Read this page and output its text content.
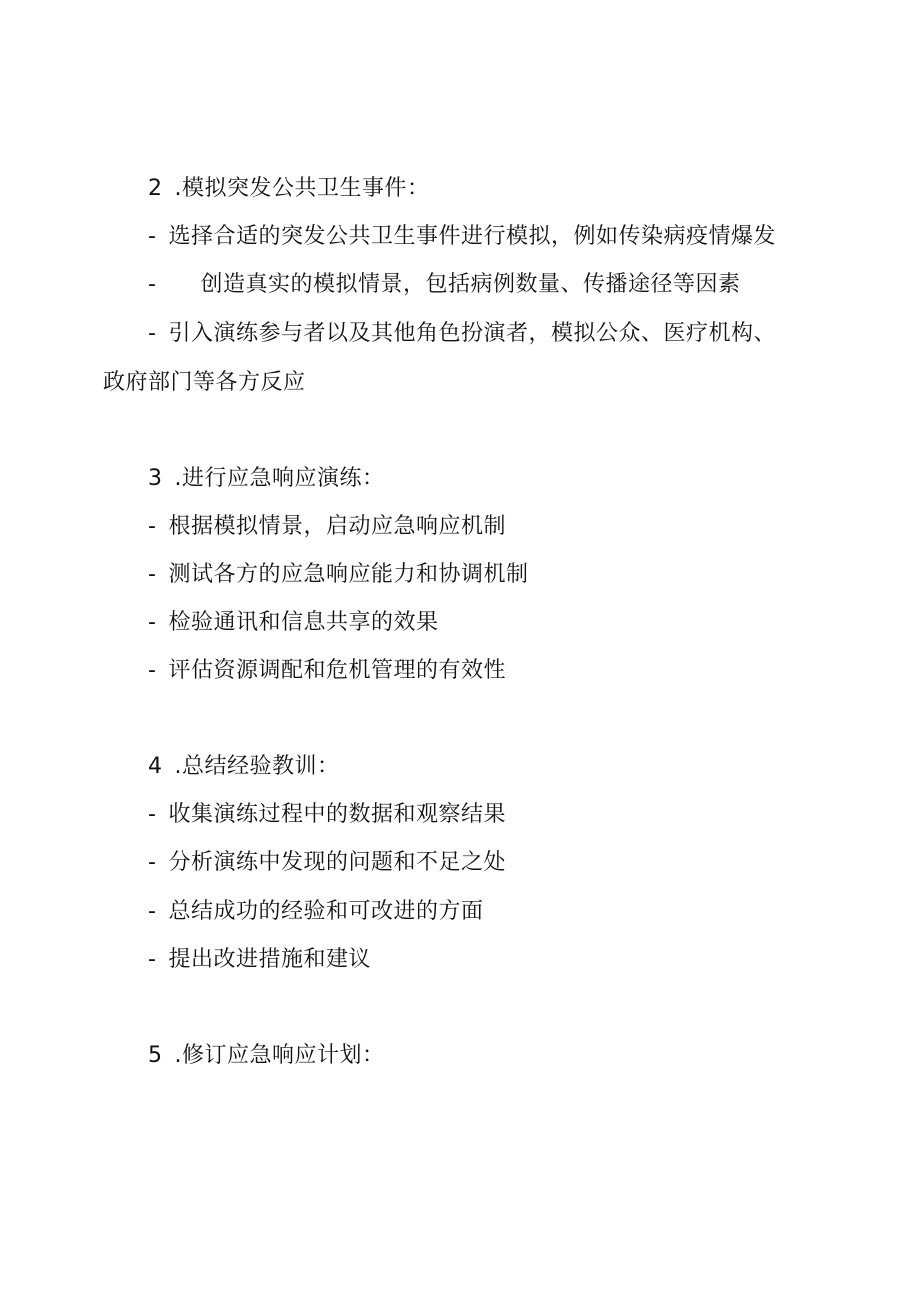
2 .模拟突发公共卫生事件：
- 选择合适的突发公共卫生事件进行模拟，例如传染病疫情爆发
- 创造真实的模拟情景，包括病例数量、传播途径等因素
- 引入演练参与者以及其他角色扮演者，模拟公众、医疗机构、
政府部门等各方反应
3 .进行应急响应演练：
- 根据模拟情景，启动应急响应机制
- 测试各方的应急响应能力和协调机制
- 检验通讯和信息共享的效果
- 评估资源调配和危机管理的有效性
4 .总结经验教训：
- 收集演练过程中的数据和观察结果
- 分析演练中发现的问题和不足之处
- 总结成功的经验和可改进的方面
- 提出改进措施和建议
5 .修订应急响应计划：
